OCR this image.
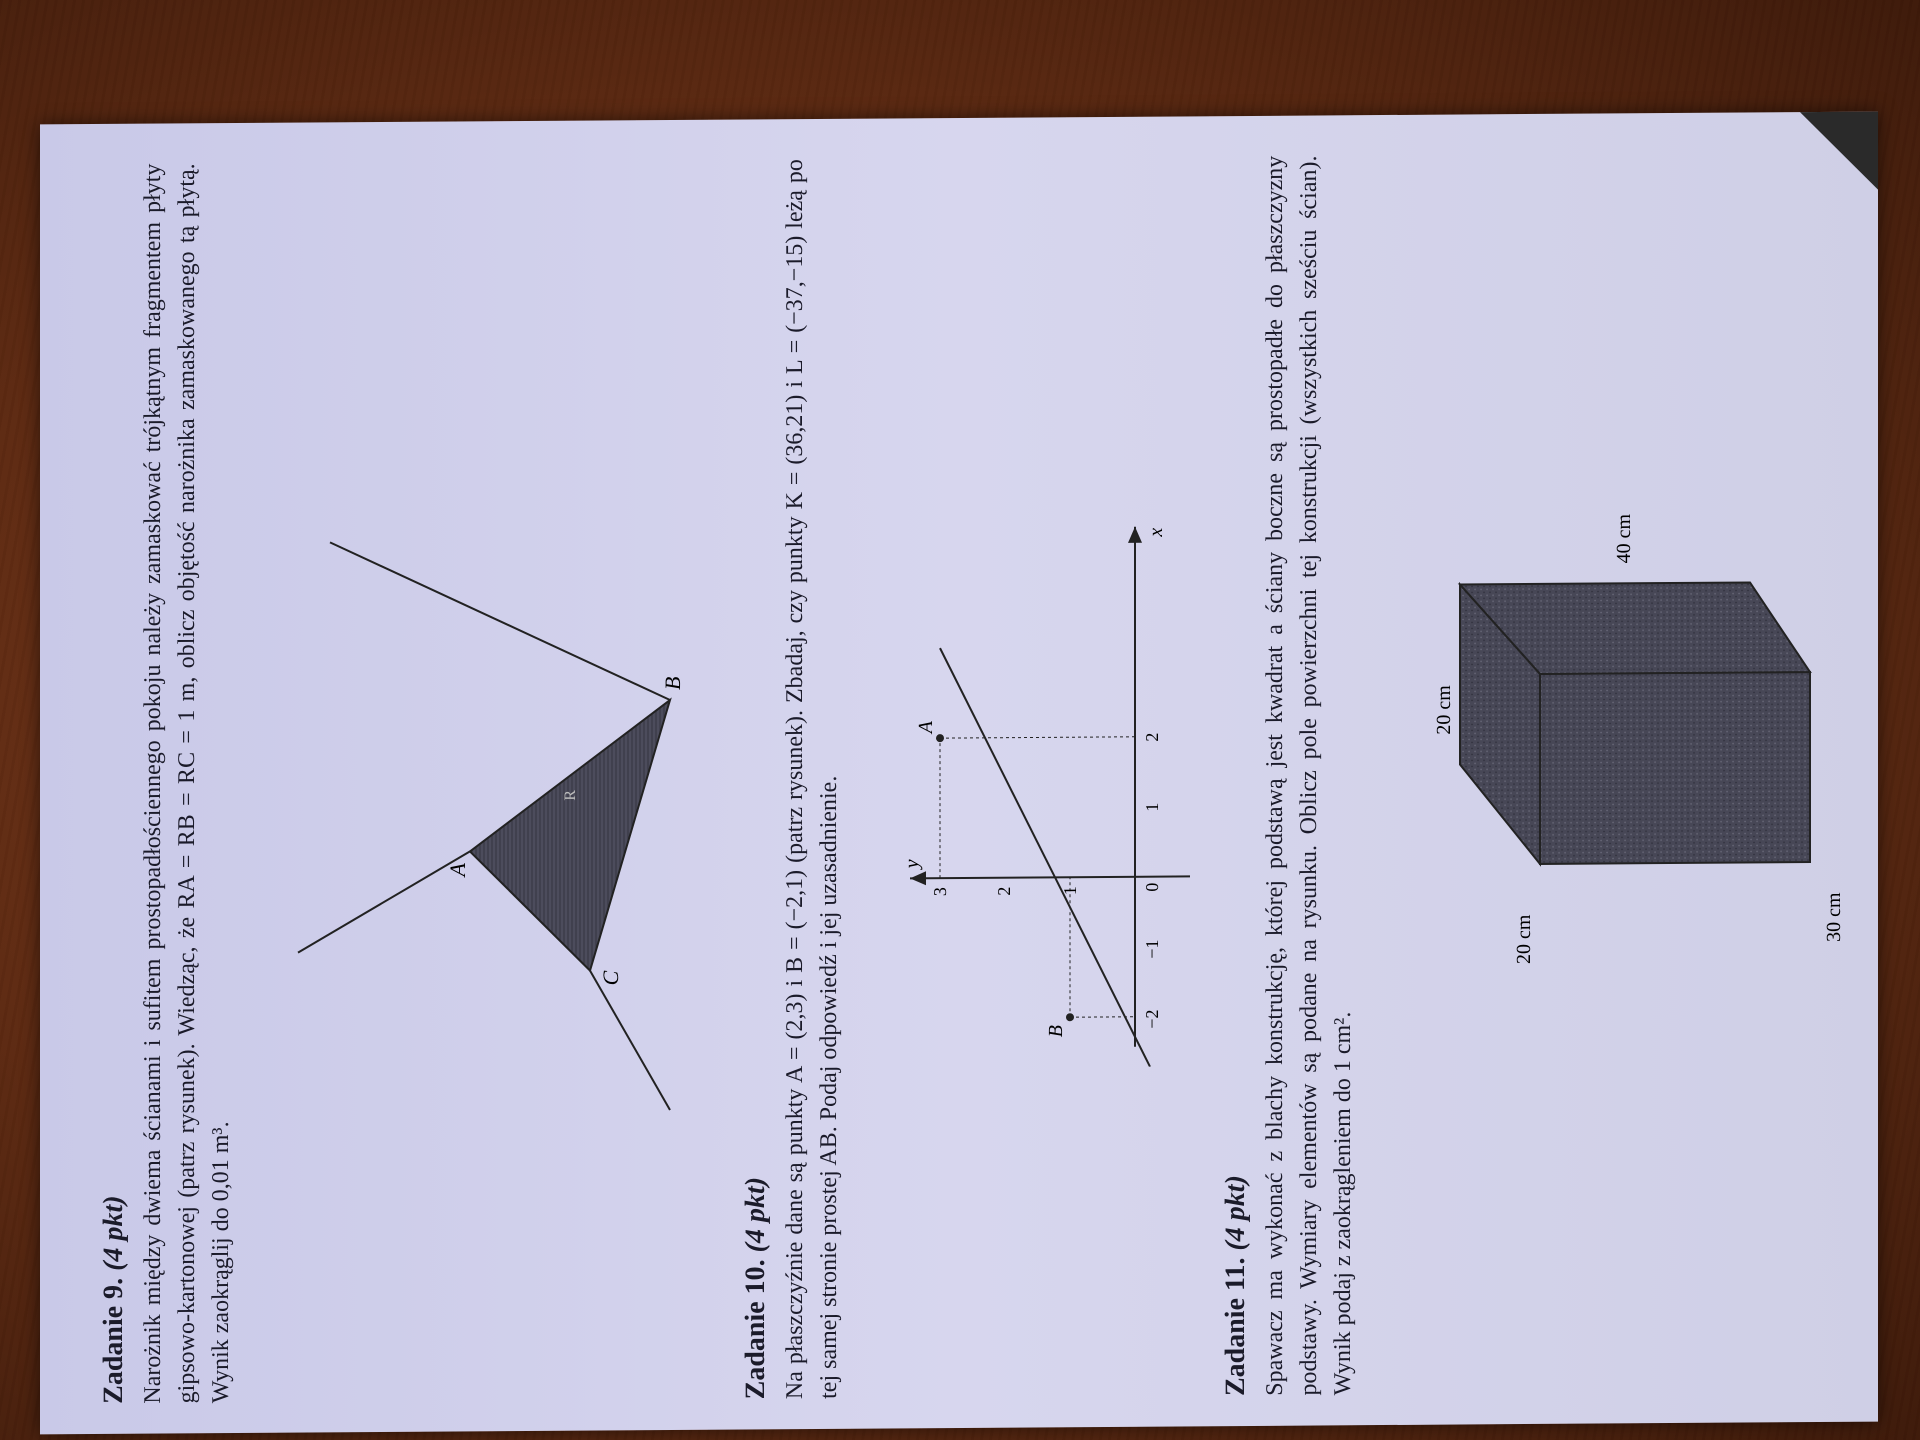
Zadanie 9. (4 pkt) Narożnik między dwiema ścianami i sufitem prostopadłościennego pokoju należy zamaskować trójkątnym fragmentem płyty gipsowo-kartonowej (patrz rysunek). Wiedząc, że RA = RB = RC = 1 m, oblicz objętość narożnika zamaskowanego tą płytą. Wynik zaokrąglij do 0,01 m³.

A
B
C
R
Zadanie 10. (4 pkt) Na płaszczyźnie dane są punkty A = (2,3) i B = (−2,1) (patrz rysunek). Zbadaj, czy punkty K = (36,21) i L = (−37,−15) leżą po tej samej stronie prostej AB. Podaj odpowiedź i jej uzasadnienie.	B
A
x
y
0
−2
−1
1
2
1
2
3
Zadanie 11. (4 pkt) Spawacz ma wykonać z blachy konstrukcję, której podstawą jest kwadrat a ściany boczne są prostopadłe do płaszczyzny podstawy. Wymiary elementów są podane na rysunku. Oblicz pole powierzchni tej konstrukcji (wszystkich sześciu ścian). Wynik podaj z zaokrągleniem do 1 cm².

30 cm
40 cm
20 cm
20 cm
